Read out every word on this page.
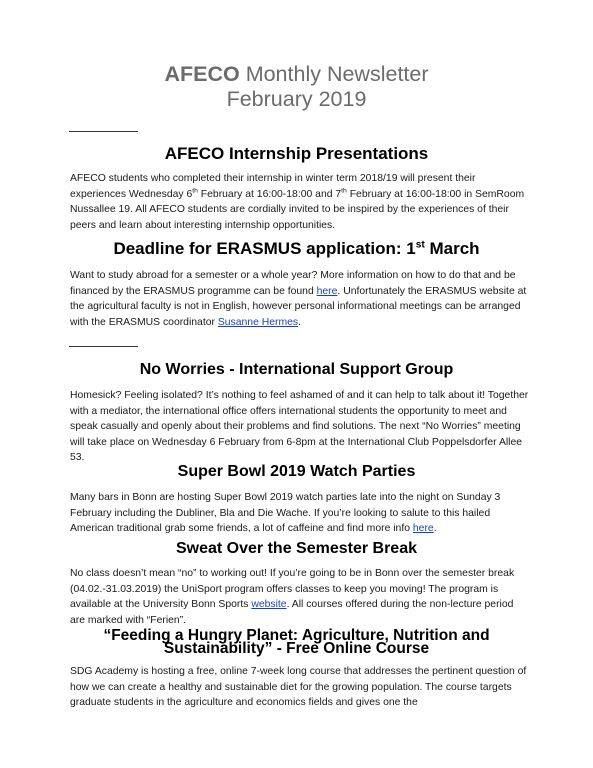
AFECO Monthly Newsletter
February 2019
AFECO Internship Presentations
AFECO students who completed their internship in winter term 2018/19 will present their experiences Wednesday 6th February at 16:00-18:00 and 7th February at 16:00-18:00 in SemRoom Nussallee 19. All AFECO students are cordially invited to be inspired by the experiences of their peers and learn about interesting internship opportunities.
Deadline for ERASMUS application: 1st March
Want to study abroad for a semester or a whole year? More information on how to do that and be financed by the ERASMUS programme can be found here. Unfortunately the ERASMUS website at the agricultural faculty is not in English, however personal informational meetings can be arranged with the ERASMUS coordinator Susanne Hermes.
No Worries - International Support Group
Homesick? Feeling isolated? It’s nothing to feel ashamed of and it can help to talk about it! Together with a mediator, the international office offers international students the opportunity to meet and speak casually and openly about their problems and find solutions. The next “No Worries” meeting will take place on Wednesday 6 February from 6-8pm at the International Club Poppelsdorfer Allee 53.
Super Bowl 2019 Watch Parties
Many bars in Bonn are hosting Super Bowl 2019 watch parties late into the night on Sunday 3 February including the Dubliner, Bla and Die Wache. If you’re looking to salute to this hailed American traditional grab some friends, a lot of caffeine and find more info here.
Sweat Over the Semester Break
No class doesn’t mean “no” to working out! If you’re going to be in Bonn over the semester break (04.02.-31.03.2019) the UniSport program offers classes to keep you moving! The program is available at the University Bonn Sports website. All courses offered during the non-lecture period are marked with “Ferien”.
“Feeding a Hungry Planet: Agriculture, Nutrition and
Sustainability” - Free Online Course
SDG Academy is hosting a free, online 7-week long course that addresses the pertinent question of how we can create a healthy and sustainable diet for the growing population. The course targets graduate students in the agriculture and economics fields and gives one the
